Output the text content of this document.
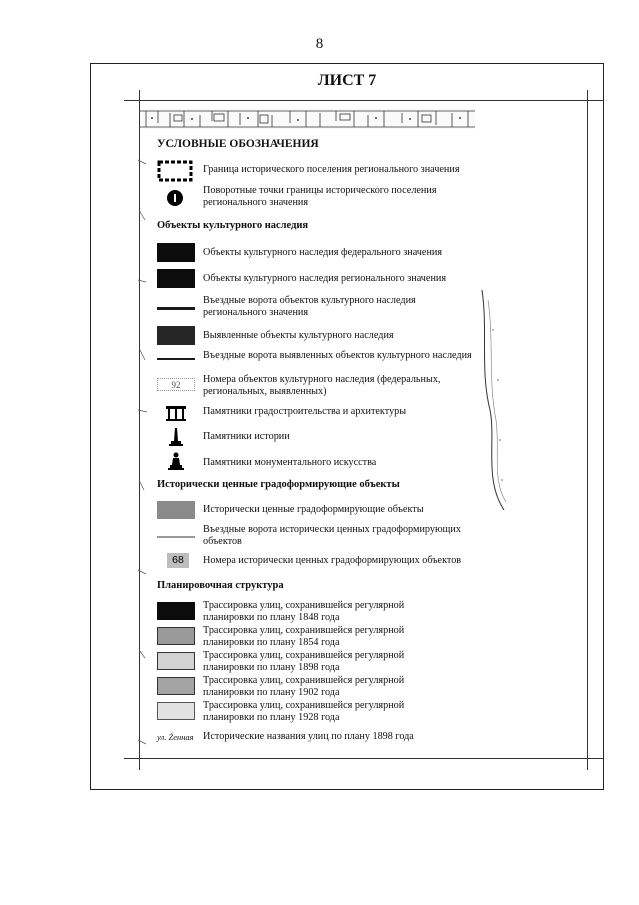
8
ЛИСТ 7
УСЛОВНЫЕ ОБОЗНАЧЕНИЯ
Граница исторического поселения регионального значения
Поворотные точки границы исторического поселения регионального значения
Объекты культурного наследия
Объекты культурного наследия федерального значения
Объекты культурного наследия регионального значения
Въездные ворота объектов культурного наследия регионального значения
Выявленные объекты культурного наследия
Въездные ворота выявленных объектов культурного наследия
92	Номера объектов культурного наследия (федеральных, региональных, выявленных)
Памятники градостроительства и архитектуры
Памятники истории
Памятники монументального искусства
Исторически ценные градоформирующие объекты
Исторически ценные градоформирующие объекты
Въездные ворота исторически ценных градоформирующих объектов
68	Номера исторически ценных градоформирующих объектов
Планировочная структура
Трассировка улиц, сохранившейся регулярной
планировки по плану 1848 года
Трассировка улиц, сохранившейся регулярной
планировки по плану 1854 года
Трассировка улиц, сохранившейся регулярной
планировки по плану 1898 года
Трассировка улиц, сохранившейся регулярной
планировки по плану 1902 года
Трассировка улиц, сохранившейся регулярной
планировки по плану 1928 года
ул. Źенная Исторические названия улиц по плану 1898 года
